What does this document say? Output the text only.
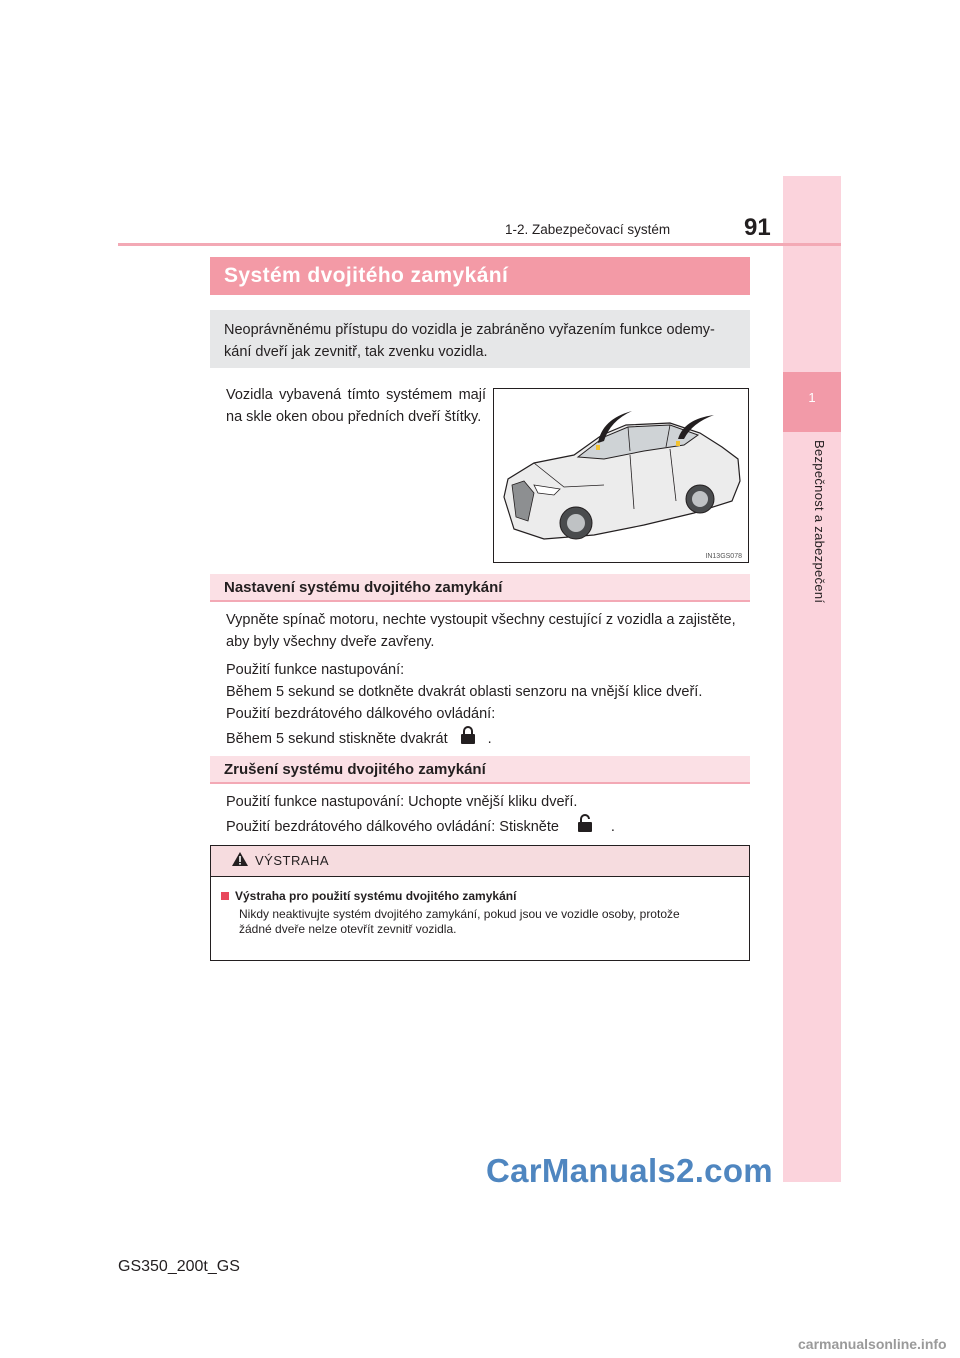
1
Bezpečnost a zabezpečení
1-2. Zabezpečovací systém	91
Systém dvojitého zamykání
Neoprávněnému přístupu do vozidla je zabráněno vyřazením funkce odemy-
kání dveří jak zevnitř, tak zvenku vozidla.
Vozidla vybavená tímto systémem mají
na skle oken obou předních dveří štítky.
IN13GS078
Nastavení systému dvojitého zamykání
Vypněte spínač motoru, nechte vystoupit všechny cestující z vozidla a zajistěte,
aby byly všechny dveře zavřeny.
Použití funkce nastupování:
Během 5 sekund se dotkněte dvakrát oblasti senzoru na vnější klice dveří.
Použití bezdrátového dálkového ovládání:
Během 5 sekund stiskněte dvakrát	.
Zrušení systému dvojitého zamykání
Použití funkce nastupování: Uchopte vnější kliku dveří.
Použití bezdrátového dálkového ovládání: Stiskněte	.
VÝSTRAHA
Výstraha pro použití systému dvojitého zamykání
Nikdy neaktivujte systém dvojitého zamykání, pokud jsou ve vozidle osoby, protože
žádné dveře nelze otevřít zevnitř vozidla.
GS350_200t_GS
CarManuals2.com
carmanualsonline.info
